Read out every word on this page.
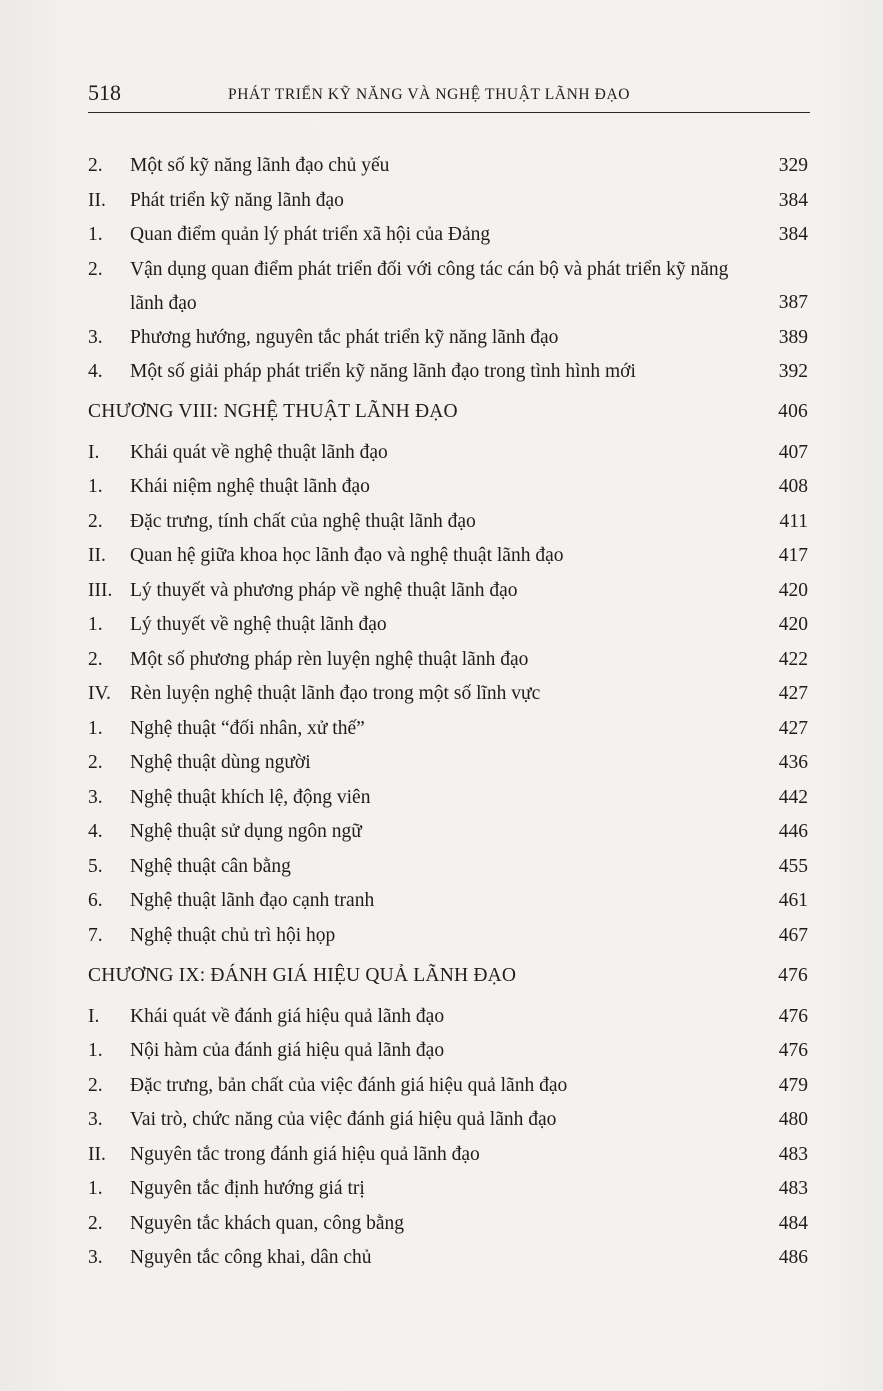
518	PHÁT TRIỂN KỸ NĂNG VÀ NGHỆ THUẬT LÃNH ĐẠO
2. Một số kỹ năng lãnh đạo chủ yếu	329
II. Phát triển kỹ năng lãnh đạo	384
1. Quan điểm quản lý phát triển xã hội của Đảng	384
2. Vận dụng quan điểm phát triển đối với công tác cán bộ và phát triển kỹ năng lãnh đạo	387
3. Phương hướng, nguyên tắc phát triển kỹ năng lãnh đạo	389
4. Một số giải pháp phát triển kỹ năng lãnh đạo trong tình hình mới	392
CHƯƠNG VIII: NGHỆ THUẬT LÃNH ĐẠO	406
I. Khái quát về nghệ thuật lãnh đạo	407
1. Khái niệm nghệ thuật lãnh đạo	408
2. Đặc trưng, tính chất của nghệ thuật lãnh đạo	411
II. Quan hệ giữa khoa học lãnh đạo và nghệ thuật lãnh đạo	417
III. Lý thuyết và phương pháp về nghệ thuật lãnh đạo	420
1. Lý thuyết về nghệ thuật lãnh đạo	420
2. Một số phương pháp rèn luyện nghệ thuật lãnh đạo	422
IV. Rèn luyện nghệ thuật lãnh đạo trong một số lĩnh vực	427
1. Nghệ thuật “đối nhân, xử thế”	427
2. Nghệ thuật dùng người	436
3. Nghệ thuật khích lệ, động viên	442
4. Nghệ thuật sử dụng ngôn ngữ	446
5. Nghệ thuật cân bằng	455
6. Nghệ thuật lãnh đạo cạnh tranh	461
7. Nghệ thuật chủ trì hội họp	467
CHƯƠNG IX: ĐÁNH GIÁ HIỆU QUẢ LÃNH ĐẠO	476
I. Khái quát về đánh giá hiệu quả lãnh đạo	476
1. Nội hàm của đánh giá hiệu quả lãnh đạo	476
2. Đặc trưng, bản chất của việc đánh giá hiệu quả lãnh đạo	479
3. Vai trò, chức năng của việc đánh giá hiệu quả lãnh đạo	480
II. Nguyên tắc trong đánh giá hiệu quả lãnh đạo	483
1. Nguyên tắc định hướng giá trị	483
2. Nguyên tắc khách quan, công bằng	484
3. Nguyên tắc công khai, dân chủ	486
